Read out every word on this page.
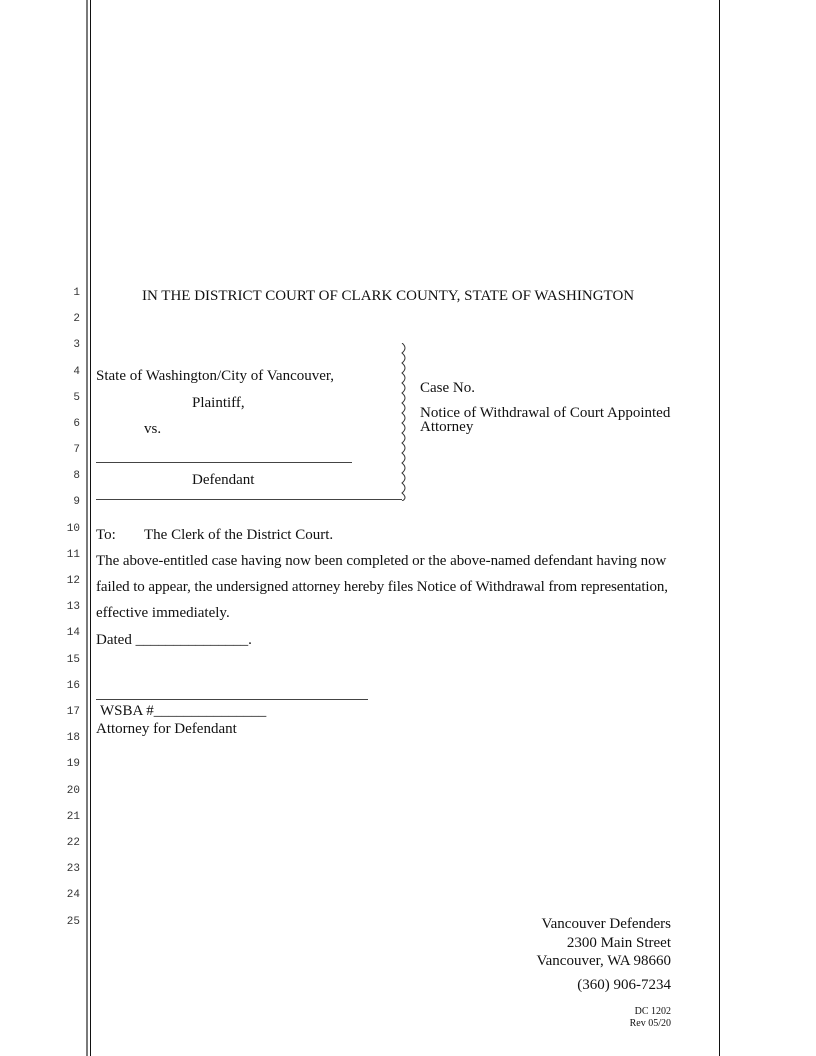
1
2
3
4
5
6
7
8
9
10
11
12
13
14
15
16
17
18
19
20
21
22
23
24
25
IN THE DISTRICT COURT OF CLARK COUNTY, STATE OF WASHINGTON
State of Washington/City of Vancouver,
Plaintiff,
vs.
Defendant
Case No.
Notice of Withdrawal of Court Appointed
Attorney
To: The Clerk of the District Court.
The above-entitled case having now been completed or the above-named defendant having now
failed to appear, the undersigned attorney hereby files Notice of Withdrawal from representation,
effective immediately.
Dated _______________.
WSBA #_______________
Attorney for Defendant
Vancouver Defenders
2300 Main Street
Vancouver, WA 98660
(360) 906-7234
DC 1202
Rev 05/20
